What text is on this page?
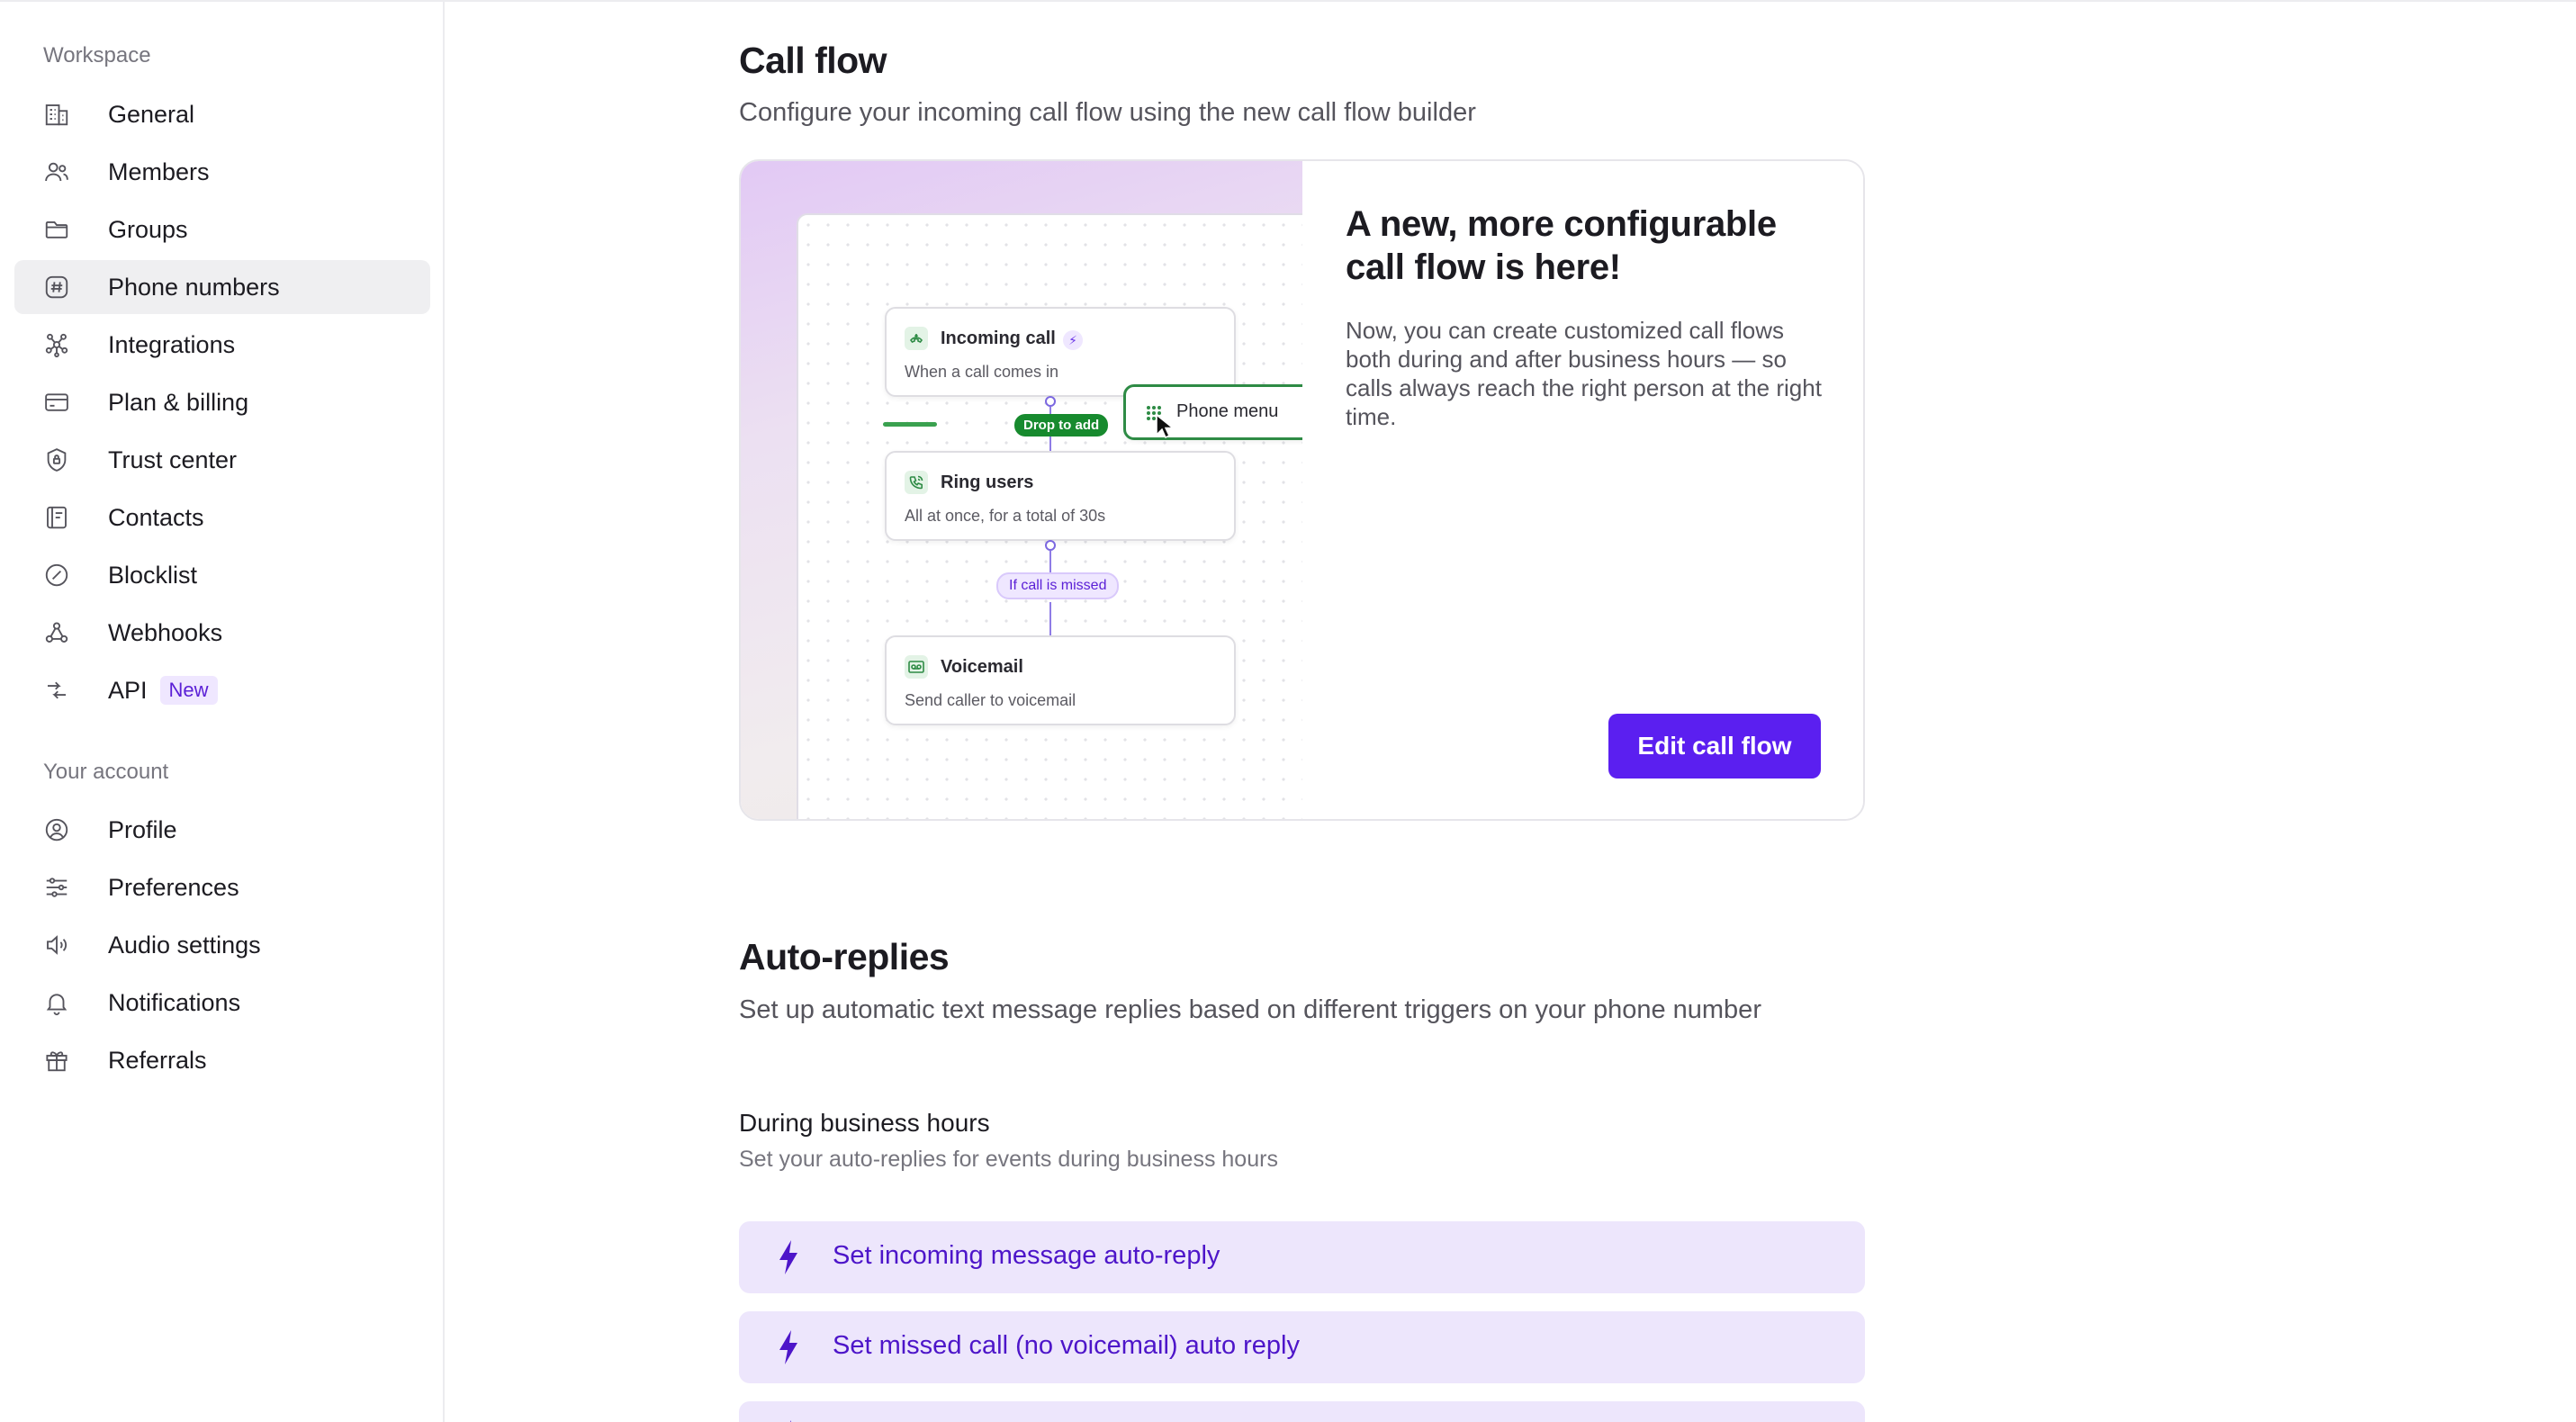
Workspace
General
Members
Groups
Phone numbers
Integrations
Plan & billing
Trust center
Contacts
Blocklist
Webhooks
API New
Your account
Profile
Preferences
Audio settings
Notifications
Referrals
Call flow

Configure your incoming call flow using the new call flow builder

Incoming call	⚡
When a call comes in
Drop to add
Phone menu
Ring users
All at once, for a total of 30s
If call is missed
Voicemail
Send caller to voicemail
A new, more configurable call flow is here!

Now, you can create customized call flows both during and after business hours — so calls always reach the right person at the right time.

Edit call flow
Auto-replies

Set up automatic text message replies based on different triggers on your phone number

During business hours
Set your auto-replies for events during business hours
Set incoming message auto-reply
Set missed call (no voicemail) auto reply
